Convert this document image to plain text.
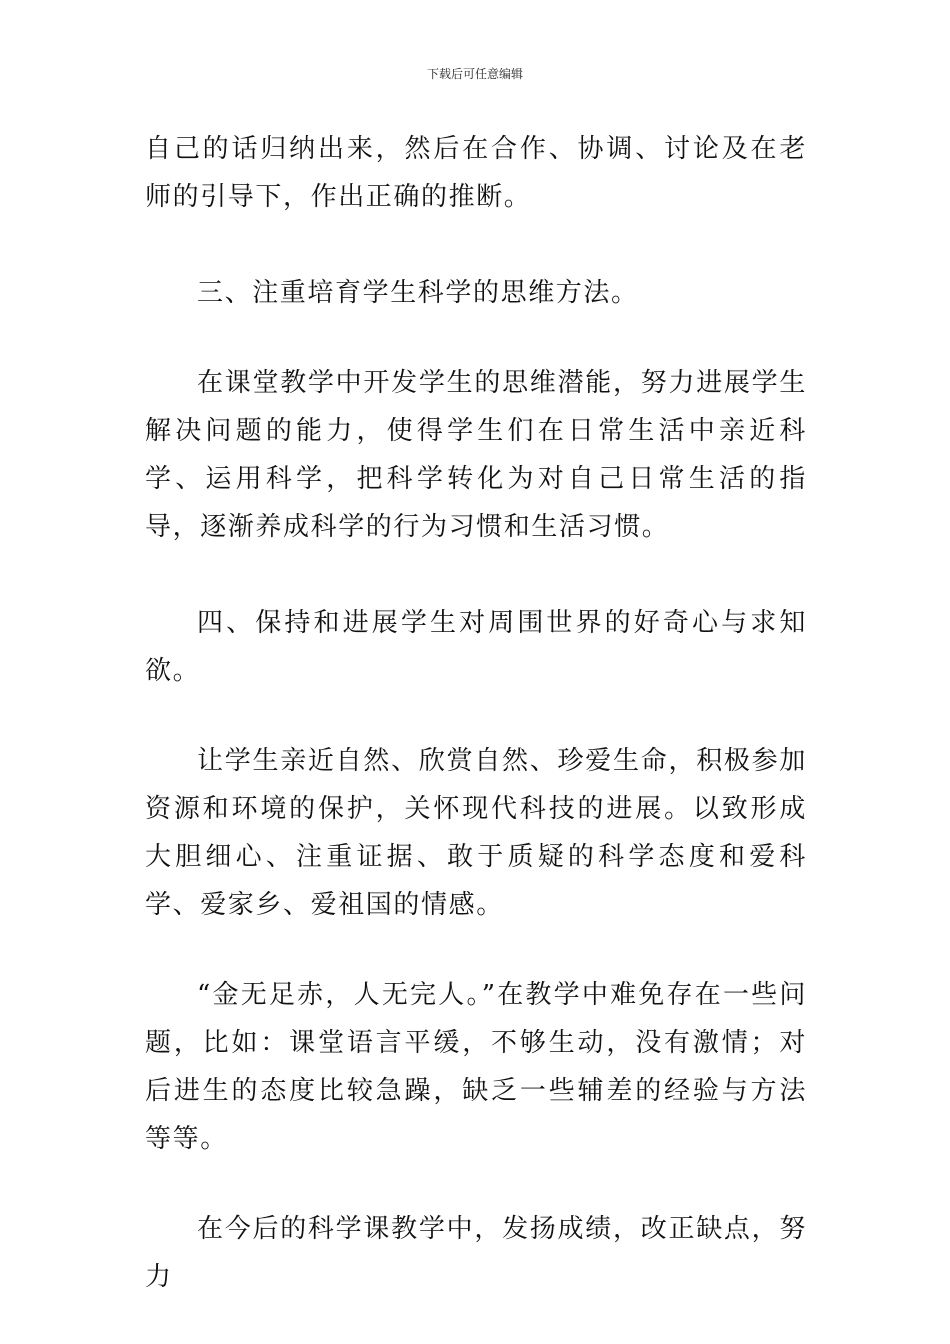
下载后可任意编辑

自己的话归纳出来，然后在合作、协调、讨论及在老师的引导下，作出正确的推断。

三、注重培育学生科学的思维方法。

在课堂教学中开发学生的思维潜能，努力进展学生解决问题的能力，使得学生们在日常生活中亲近科学、运用科学，把科学转化为对自己日常生活的指导，逐渐养成科学的行为习惯和生活习惯。

四、保持和进展学生对周围世界的好奇心与求知欲。

让学生亲近自然、欣赏自然、珍爱生命，积极参加资源和环境的保护，关怀现代科技的进展。以致形成大胆细心、注重证据、敢于质疑的科学态度和爱科学、爱家乡、爱祖国的情感。

“金无足赤，人无完人。”在教学中难免存在一些问题，比如：课堂语言平缓，不够生动，没有激情；对后进生的态度比较急躁，缺乏一些辅差的经验与方法等等。

在今后的科学课教学中，发扬成绩，改正缺点，努力
